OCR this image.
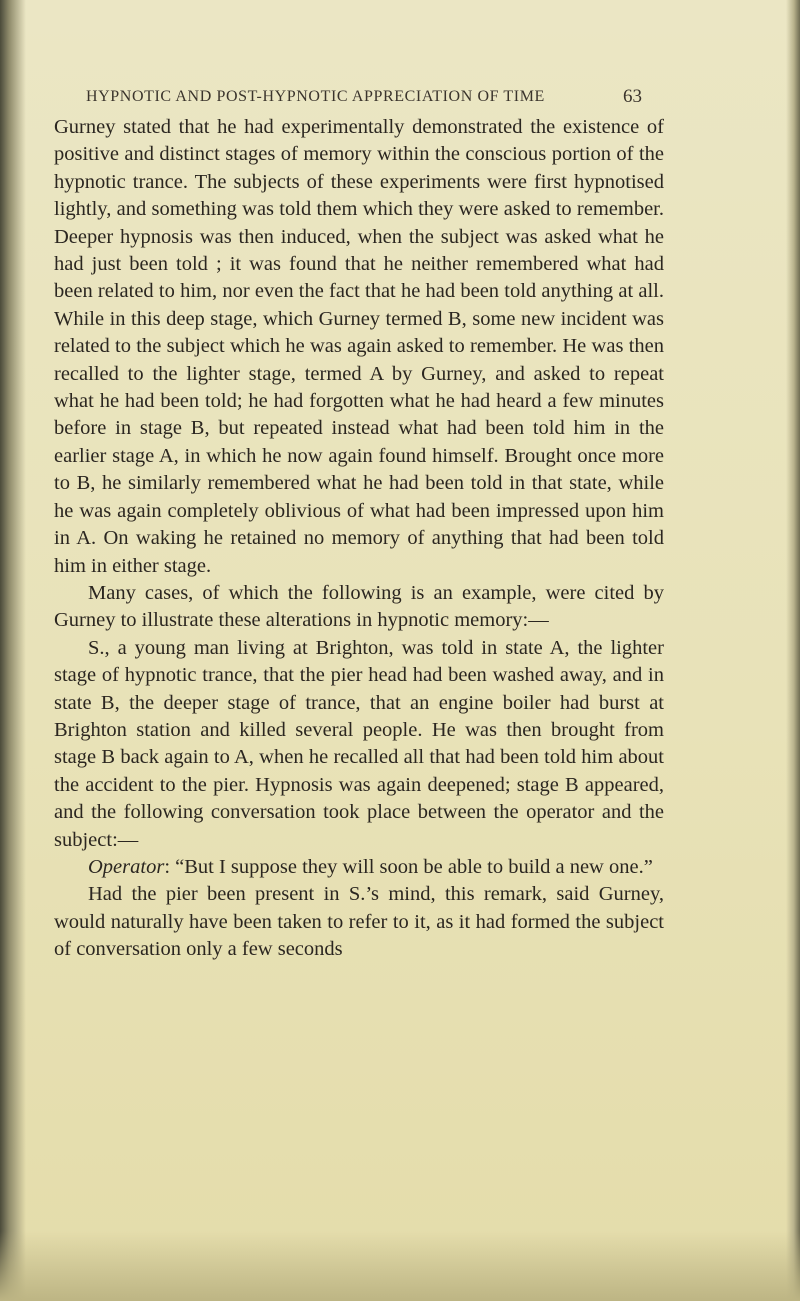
HYPNOTIC AND POST-HYPNOTIC APPRECIATION OF TIME	63

Gurney stated that he had experimentally demonstrated the existence of positive and distinct stages of memory within the conscious portion of the hypnotic trance. The subjects of these experiments were first hypnotised lightly, and something was told them which they were asked to remember. Deeper hypnosis was then induced, when the subject was asked what he had just been told ; it was found that he neither remembered what had been related to him, nor even the fact that he had been told anything at all. While in this deep stage, which Gurney termed B, some new incident was related to the subject which he was again asked to remember. He was then recalled to the lighter stage, termed A by Gurney, and asked to repeat what he had been told; he had forgotten what he had heard a few minutes before in stage B, but repeated instead what had been told him in the earlier stage A, in which he now again found himself. Brought once more to B, he similarly remembered what he had been told in that state, while he was again completely oblivious of what had been impressed upon him in A. On waking he retained no memory of anything that had been told him in either stage.

Many cases, of which the following is an example, were cited by Gurney to illustrate these alterations in hypnotic memory:—

S., a young man living at Brighton, was told in state A, the lighter stage of hypnotic trance, that the pier head had been washed away, and in state B, the deeper stage of trance, that an engine boiler had burst at Brighton station and killed several people. He was then brought from stage B back again to A, when he recalled all that had been told him about the accident to the pier. Hypnosis was again deepened; stage B appeared, and the following conversation took place between the operator and the subject:—

Operator: “But I suppose they will soon be able to build a new one.”

Had the pier been present in S.’s mind, this remark, said Gurney, would naturally have been taken to refer to it, as it had formed the subject of conversation only a few seconds
